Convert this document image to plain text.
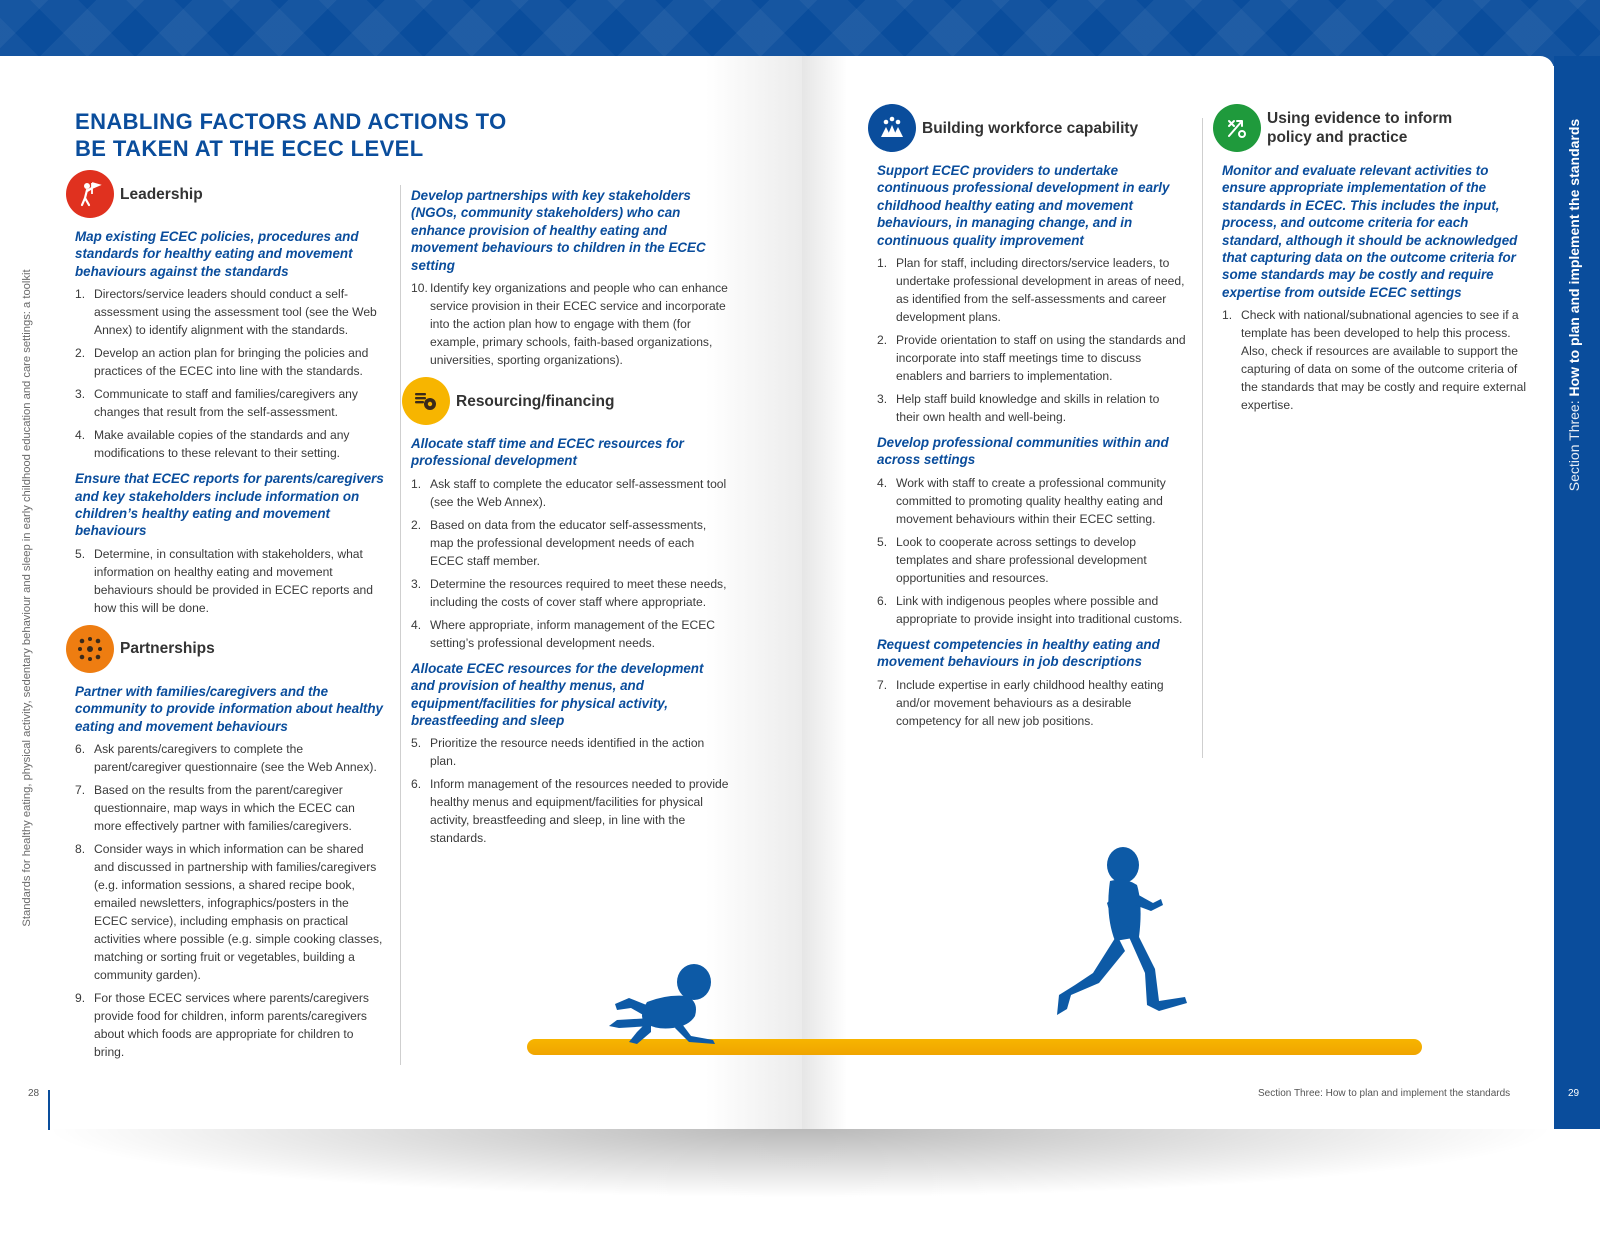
Standards for healthy eating, physical activity, sedentary behaviour and sleep in early childhood education and care settings: a toolkit
28
ENABLING FACTORS AND ACTIONS TO BE TAKEN AT THE ECEC LEVEL
Leadership
Map existing ECEC policies, procedures and standards for healthy eating and movement behaviours against the standards
1. Directors/service leaders should conduct a self-assessment using the assessment tool (see the Web Annex) to identify alignment with the standards.
2. Develop an action plan for bringing the policies and practices of the ECEC into line with the standards.
3. Communicate to staff and families/caregivers any changes that result from the self-assessment.
4. Make available copies of the standards and any modifications to these relevant to their setting.
Ensure that ECEC reports for parents/caregivers and key stakeholders include information on children’s healthy eating and movement behaviours
5. Determine, in consultation with stakeholders, what information on healthy eating and movement behaviours should be provided in ECEC reports and how this will be done.
Partnerships
Partner with families/caregivers and the community to provide information about healthy eating and movement behaviours
6. Ask parents/caregivers to complete the parent/caregiver questionnaire (see the Web Annex).
7. Based on the results from the parent/caregiver questionnaire, map ways in which the ECEC can more effectively partner with families/caregivers.
8. Consider ways in which information can be shared and discussed in partnership with families/caregivers (e.g. information sessions, a shared recipe book, emailed newsletters, infographics/posters in the ECEC service), including emphasis on practical activities where possible (e.g. simple cooking classes, matching or sorting fruit or vegetables, building a community garden).
9. For those ECEC services where parents/caregivers provide food for children, inform parents/caregivers about which foods are appropriate for children to bring.
Develop partnerships with key stakeholders (NGOs, community stakeholders) who can enhance provision of healthy eating and movement behaviours to children in the ECEC setting
10. Identify key organizations and people who can enhance service provision in their ECEC service and incorporate into the action plan how to engage with them (for example, primary schools, faith-based organizations, universities, sporting organizations).
Resourcing/financing
Allocate staff time and ECEC resources for professional development
1. Ask staff to complete the educator self-assessment tool (see the Web Annex).
2. Based on data from the educator self-assessments, map the professional development needs of each ECEC staff member.
3. Determine the resources required to meet these needs, including the costs of cover staff where appropriate.
4. Where appropriate, inform management of the ECEC setting’s professional development needs.
Allocate ECEC resources for the development and provision of healthy menus, and equipment/facilities for physical activity, breastfeeding and sleep
5. Prioritize the resource needs identified in the action plan.
6. Inform management of the resources needed to provide healthy menus and equipment/facilities for physical activity, breastfeeding and sleep, in line with the standards.
Section Three: How to plan and implement the standards
29
Section Three: How to plan and implement the standards
Building workforce capability
Support ECEC providers to undertake continuous professional development in early childhood healthy eating and movement behaviours, in managing change, and in continuous quality improvement
1. Plan for staff, including directors/service leaders, to undertake professional development in areas of need, as identified from the self-assessments and career development plans.
2. Provide orientation to staff on using the standards and incorporate into staff meetings time to discuss enablers and barriers to implementation.
3. Help staff build knowledge and skills in relation to their own health and well-being.
Develop professional communities within and across settings
4. Work with staff to create a professional community committed to promoting quality healthy eating and movement behaviours within their ECEC setting.
5. Look to cooperate across settings to develop templates and share professional development opportunities and resources.
6. Link with indigenous peoples where possible and appropriate to provide insight into traditional customs.
Request competencies in healthy eating and movement behaviours in job descriptions
7. Include expertise in early childhood healthy eating and/or movement behaviours as a desirable competency for all new job positions.
Using evidence to inform policy and practice
Monitor and evaluate relevant activities to ensure appropriate implementation of the standards in ECEC. This includes the input, process, and outcome criteria for each standard, although it should be acknowledged that capturing data on the outcome criteria for some standards may be costly and require expertise from outside ECEC settings
1. Check with national/subnational agencies to see if a template has been developed to help this process. Also, check if resources are available to support the capturing of data on some of the outcome criteria of the standards that may be costly and require external expertise.
